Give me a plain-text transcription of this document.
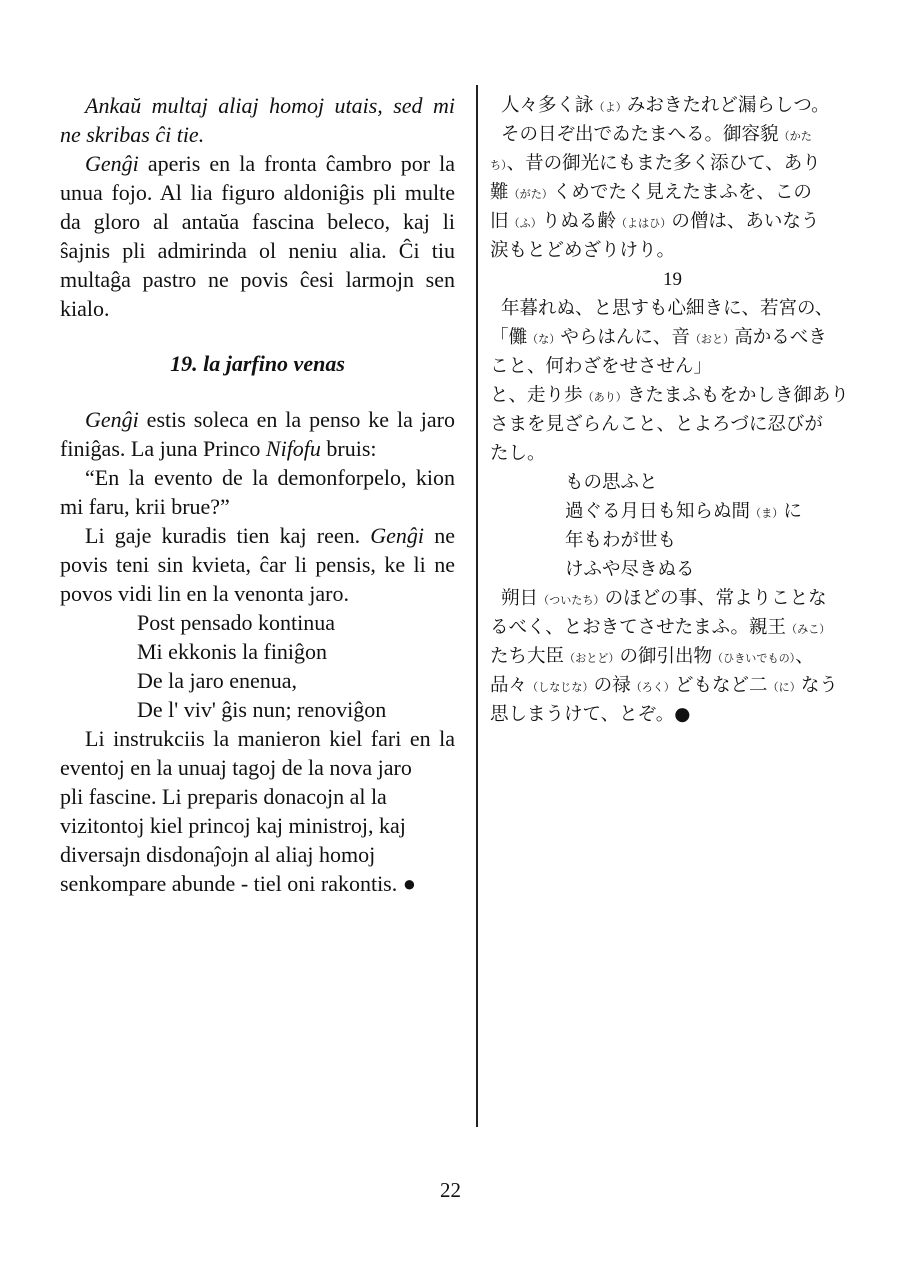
Ankaŭ multaj aliaj homoj utais, sed mi
ne skribas ĉi tie.
Genĝi aperis en la fronta ĉambro por la
unua fojo. Al lia figuro aldoniĝis pli multe
da gloro al antaŭa fascina beleco, kaj li
ŝajnis pli admirinda ol neniu alia. Ĉi tiu
multaĝa pastro ne povis ĉesi larmojn sen
kialo.
19. la jarfino venas
Genĝi estis soleca en la penso ke la jaro
finiĝas. La juna Princo Nifofu bruis:
“En la evento de la demonforpelo, kion
mi faru, krii brue?”
Li gaje kuradis tien kaj reen. Genĝi ne
povis teni sin kvieta, ĉar li pensis, ke li ne
povos vidi lin en la venonta jaro.
Post pensado kontinua
Mi ekkonis la finiĝon
De la jaro enenua,
De l' viv' ĝis nun; renoviĝon
Li instrukciis la manieron kiel fari en la
eventoj en la unuaj tagoj de la nova jaro
pli fascine. Li preparis donacojn al la
vizitontoj kiel princoj kaj ministroj, kaj
diversajn disdonaĵojn al aliaj homoj
senkompare abunde - tiel oni rakontis. ●
人々多く詠（よ）みおきたれど漏らしつ。
その日ぞ出でゐたまへる。御容貌（かた
ち）、昔の御光にもまた多く添ひて、あり
難（がた）くめでたく見えたまふを、この
旧（ふ）りぬる齢（よはひ）の僧は、あいなう
涙もとどめざりけり。
19
年暮れぬ、と思すも心細きに、若宮の、
「儺（な）やらはんに、音（おと）高かるべき
こと、何わざをせさせん」
と、走り歩（あり）きたまふもをかしき御あり
さまを見ざらんこと、とよろづに忍びが
たし。
もの思ふと
過ぐる月日も知らぬ間（ま）に
年もわが世も
けふや尽きぬる
朔日（ついたち）のほどの事、常よりことな
るべく、とおきてさせたまふ。親王（みこ）
たち大臣（おとど）の御引出物（ひきいでもの）、
品々（しなじな）の禄（ろく）どもなど二（に）なう
思しまうけて、とぞ。●
22
